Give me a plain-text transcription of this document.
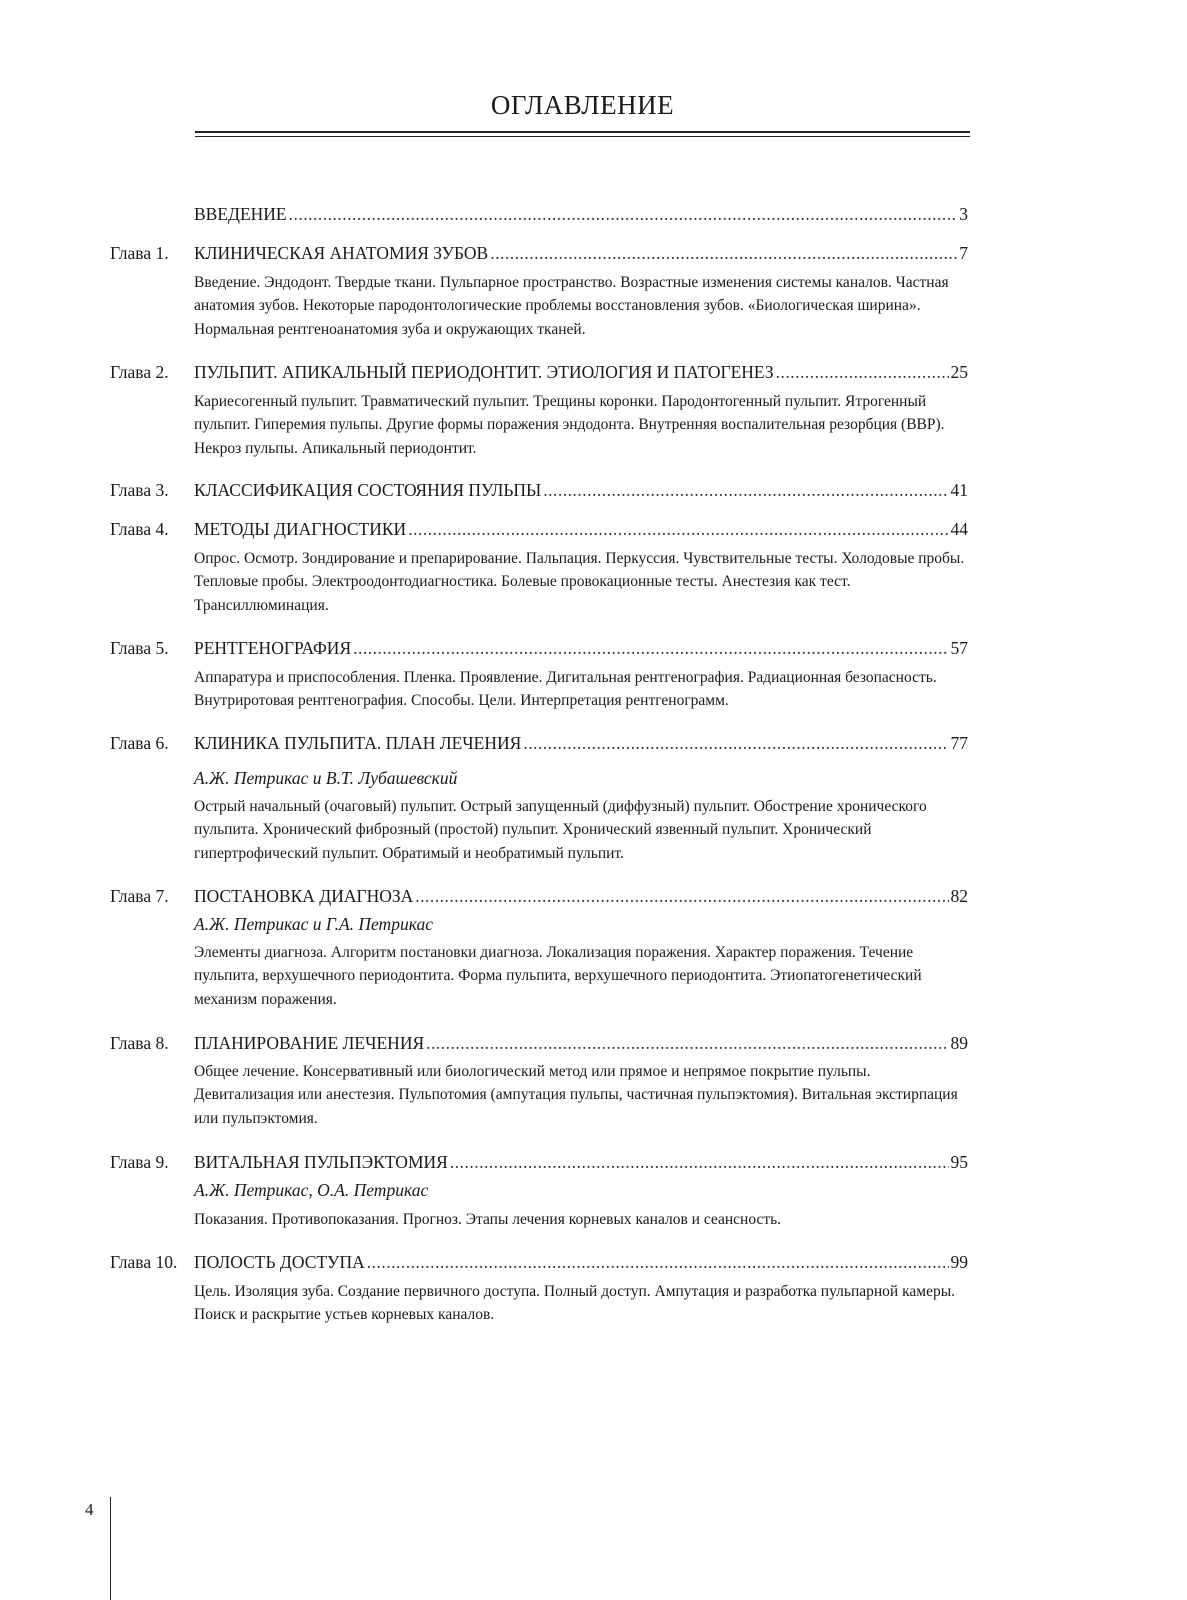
ОГЛАВЛЕНИЕ
ВВЕДЕНИЕ .....	3
Глава 1. КЛИНИЧЕСКАЯ АНАТОМИЯ ЗУБОВ .....	7
Введение. Эндодонт. Твердые ткани. Пульпарное пространство. Возрастные изменения системы каналов. Частная анатомия зубов. Некоторые пародонтологические проблемы восстановления зубов. «Биологическая ширина». Нормальная рентгеноанатомия зуба и окружающих тканей.
Глава 2. ПУЛЬПИТ. АПИКАЛЬНЫЙ ПЕРИОДОНТИТ. ЭТИОЛОГИЯ И ПАТОГЕНЕЗ .....	25
Кариесогенный пульпит. Травматический пульпит. Трещины коронки. Пародонтогенный пульпит. Ятрогенный пульпит. Гиперемия пульпы. Другие формы поражения эндодонта. Внутренняя воспалительная резорбция (ВВР). Некроз пульпы. Апикальный периодонтит.
Глава 3. КЛАССИФИКАЦИЯ СОСТОЯНИЯ ПУЛЬПЫ .....	41
Глава 4. МЕТОДЫ ДИАГНОСТИКИ .....	44
Опрос. Осмотр. Зондирование и препарирование. Пальпация. Перкуссия. Чувствительные тесты. Холодовые пробы. Тепловые пробы. Электроодонтодиагностика. Болевые провокационные тесты. Анестезия как тест. Трансиллюминация.
Глава 5. РЕНТГЕНОГРАФИЯ .....	57
Аппаратура и приспособления. Пленка. Проявление. Дигитальная рентгенография. Радиационная безопасность. Внутриротовая рентгенография. Способы. Цели. Интерпретация рентгенограмм.
Глава 6. КЛИНИКА ПУЛЬПИТА. ПЛАН ЛЕЧЕНИЯ .....	77
А.Ж. Петрикас и В.Т. Лубашевский
Острый начальный (очаговый) пульпит. Острый запущенный (диффузный) пульпит. Обострение хронического пульпита. Хронический фиброзный (простой) пульпит. Хронический язвенный пульпит. Хронический гипертрофический пульпит. Обратимый и необратимый пульпит.
Глава 7. ПОСТАНОВКА ДИАГНОЗА .....	82
А.Ж. Петрикас и Г.А. Петрикас
Элементы диагноза. Алгоритм постановки диагноза. Локализация поражения. Характер поражения. Течение пульпита, верхушечного периодонтита. Форма пульпита, верхушечного периодонтита. Этиопатогенетический механизм поражения.
Глава 8. ПЛАНИРОВАНИЕ ЛЕЧЕНИЯ .....	89
Общее лечение. Консервативный или биологический метод или прямое и непрямое покрытие пульпы. Девитализация или анестезия. Пульпотомия (ампутация пульпы, частичная пульпэктомия). Витальная экстирпация или пульпэктомия.
Глава 9. ВИТАЛЬНАЯ ПУЛЬПЭКТОМИЯ .....	95
А.Ж. Петрикас, О.А. Петрикас
Показания. Противопоказания. Прогноз. Этапы лечения корневых каналов и сеансность.
Глава 10. ПОЛОСТЬ ДОСТУПА .....	99
Цель. Изоляция зуба. Создание первичного доступа. Полный доступ. Ампутация и разработка пульпарной камеры. Поиск и раскрытие устьев корневых каналов.
4
